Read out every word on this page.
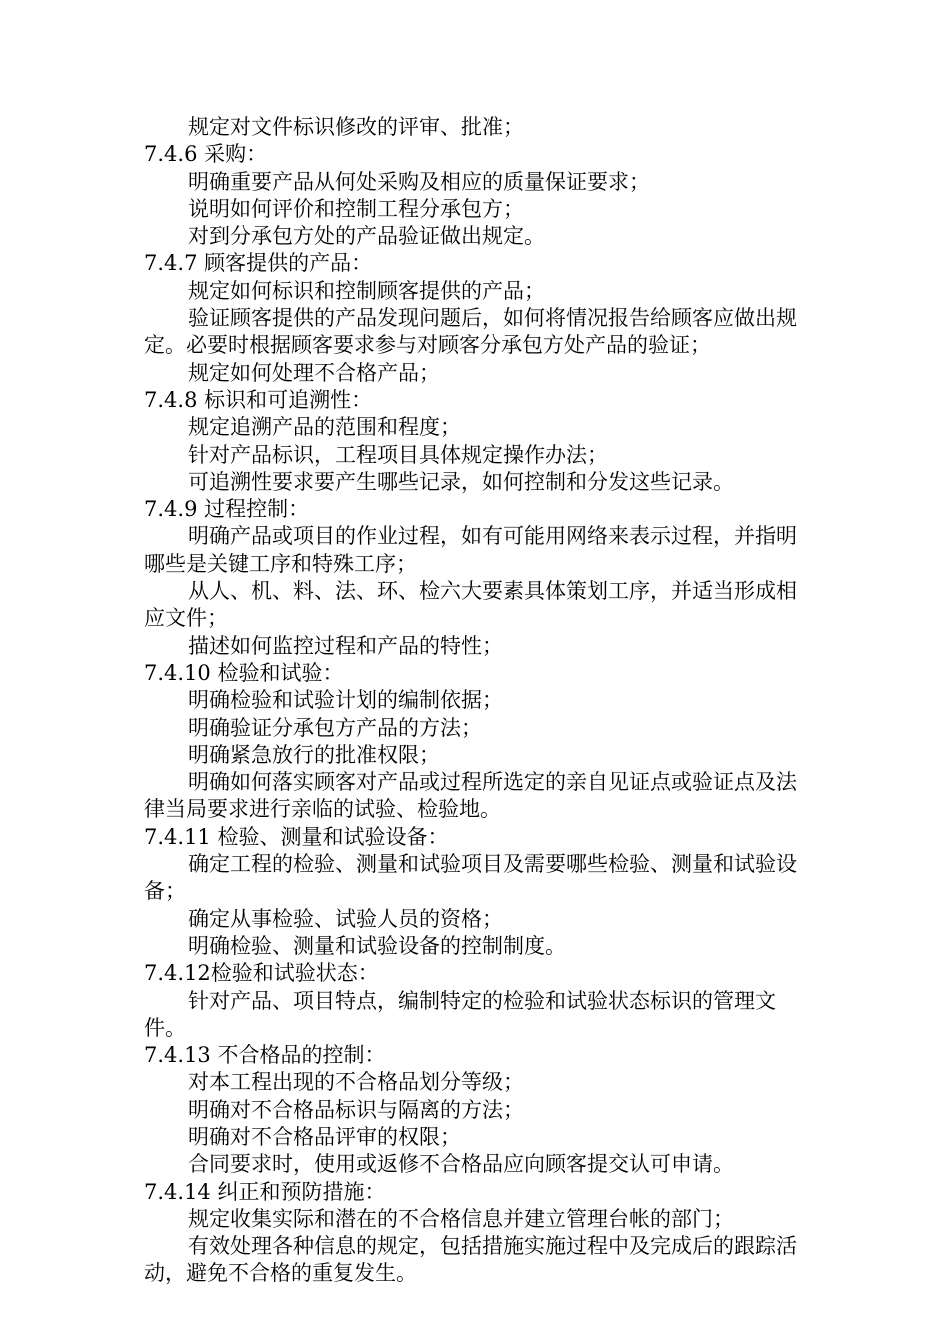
规定对文件标识修改的评审、批准；

7.4.6 采购：

明确重要产品从何处采购及相应的质量保证要求；

说明如何评价和控制工程分承包方；

对到分承包方处的产品验证做出规定。

7.4.7 顾客提供的产品：

规定如何标识和控制顾客提供的产品；

验证顾客提供的产品发现问题后，如何将情况报告给顾客应做出规定。必要时根据顾客要求参与对顾客分承包方处产品的验证；

规定如何处理不合格产品；

7.4.8 标识和可追溯性：

规定追溯产品的范围和程度；

针对产品标识，工程项目具体规定操作办法；

可追溯性要求要产生哪些记录，如何控制和分发这些记录。

7.4.9 过程控制：

明确产品或项目的作业过程，如有可能用网络来表示过程，并指明哪些是关键工序和特殊工序；

从人、机、料、法、环、检六大要素具体策划工序，并适当形成相应文件；

描述如何监控过程和产品的特性；

7.4.10 检验和试验：

明确检验和试验计划的编制依据；

明确验证分承包方产品的方法；

明确紧急放行的批准权限；

明确如何落实顾客对产品或过程所选定的亲自见证点或验证点及法律当局要求进行亲临的试验、检验地。

7.4.11 检验、测量和试验设备：

确定工程的检验、测量和试验项目及需要哪些检验、测量和试验设备；

确定从事检验、试验人员的资格；

明确检验、测量和试验设备的控制制度。

7.4.12检验和试验状态：

针对产品、项目特点，编制特定的检验和试验状态标识的管理文件。

7.4.13 不合格品的控制：

对本工程出现的不合格品划分等级；

明确对不合格品标识与隔离的方法；

明确对不合格品评审的权限；

合同要求时，使用或返修不合格品应向顾客提交认可申请。

7.4.14 纠正和预防措施：

规定收集实际和潜在的不合格信息并建立管理台帐的部门；

有效处理各种信息的规定，包括措施实施过程中及完成后的跟踪活动，避免不合格的重复发生。
